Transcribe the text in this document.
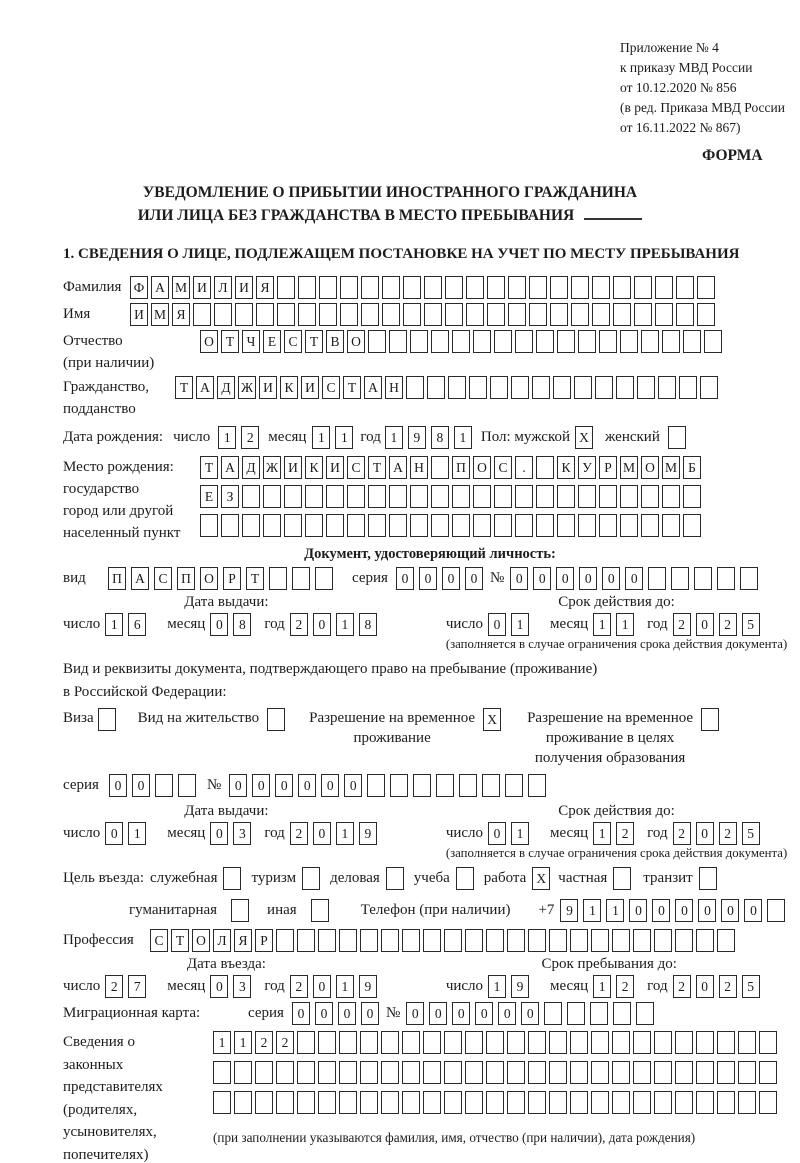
Приложение № 4
к приказу МВД России
от 10.12.2020 № 856
(в ред. Приказа МВД России
от 16.11.2022 № 867)
ФОРМА
УВЕДОМЛЕНИЕ О ПРИБЫТИИ ИНОСТРАННОГО ГРАЖДАНИНА
ИЛИ ЛИЦА БЕЗ ГРАЖДАНСТВА В МЕСТО ПРЕБЫВАНИЯ
1. СВЕДЕНИЯ О ЛИЦЕ, ПОДЛЕЖАЩЕМ ПОСТАНОВКЕ НА УЧЕТ ПО МЕСТУ ПРЕБЫВАНИЯ
Фамилия Ф А М И Л И Я
Имя	И М Я
Отчество
(при наличии)
О Т Ч Е С Т В О
Гражданство,
подданство
Т А Д Ж И К И С Т А Н
Дата рождения: число	1	2 месяц 1	1 год 1	9	8	1 Пол: мужской X женский
Место рождения:
государство
город или другой
населенный пункт
Т А Д Ж И К И С Т А Н	П О С	.	К У Р М О М Б
Е З
Документ, удостоверяющий личность:
вид	П А	С	П О	Р	Т	серия	0	0	0	0 № 0	0	0	0	0	0
Дата выдачи:
число 1	6	месяц 0	8	год 2	0	1	8
Срок действия до:
число 0	1	месяц 1	1	год 2	0	2	5
(заполняется в случае ограничения срока действия документа)
Вид и реквизиты документа, подтверждающего право на пребывание (проживание)
в Российской Федерации:
Виза	Вид на жительство	Разрешение на временное
проживание
X Разрешение на временное
проживание в целях
получения образования
серия	0	0	№	0	0	0	0	0	0
Дата выдачи:
число 0	1	месяц 0	3	год 2	0	1	9
Срок действия до:
число 0	1	месяц 1	2	год 2	0	2	5
(заполняется в случае ограничения срока действия документа)
Цель въезда: служебная туризм деловая учеба работа X частная транзит
гуманитарная	иная	Телефон (при наличии) +7 9	1	1	0	0	0	0	0	0
Профессия	С Т О Л Я Р
Дата въезда:
число 2	7	месяц 0	3	год 2	0	1	9
Срок пребывания до:
число 1	9	месяц 1	2	год 2	0	2	5
Миграционная карта:	серия	0	0	0	0 № 0	0	0	0	0	0
Сведения о
законных
представителях
(родителях,
усыновителях,
попечителях)
1	1	2	2
(при заполнении указываются фамилия, имя, отчество (при наличии), дата рождения)
